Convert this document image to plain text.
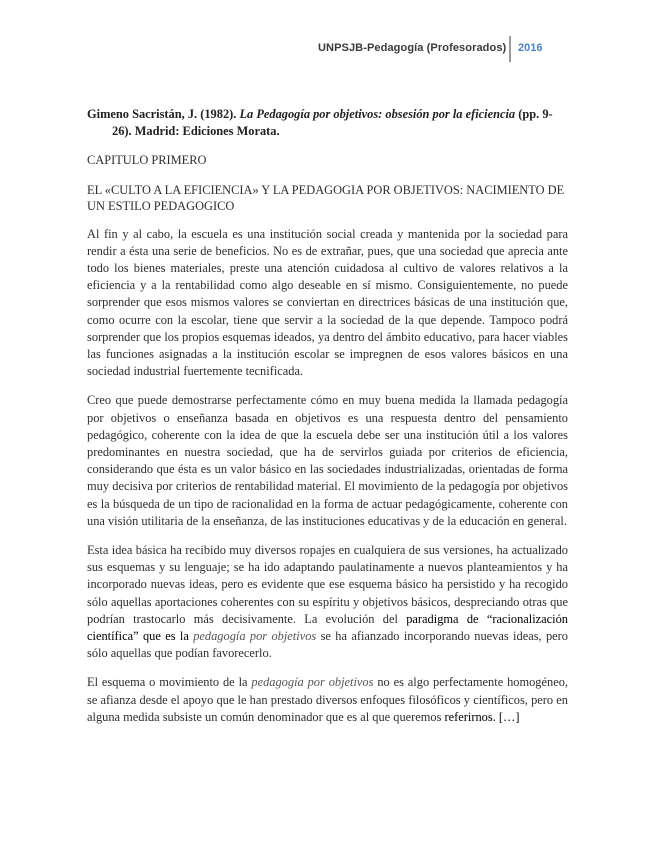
UNPSJB-Pedagogía (Profesorados) 2016

Gimeno Sacristán, J. (1982). La Pedagogía por objetivos: obsesión por la eficiencia (pp. 9-26). Madrid: Ediciones Morata.

CAPITULO PRIMERO

EL «CULTO A LA EFICIENCIA» Y LA PEDAGOGIA POR OBJETIVOS: NACIMIENTO DE UN ESTILO PEDAGOGICO

Al fin y al cabo, la escuela es una institución social creada y mantenida por la sociedad para rendir a ésta una serie de beneficios. No es de extrañar, pues, que una sociedad que aprecia ante todo los bienes materiales, preste una atención cuidadosa al cultivo de valores relativos a la eficiencia y a la rentabilidad como algo deseable en sí mismo. Consiguientemente, no puede sorprender que esos mismos valores se conviertan en directrices básicas de una institución que, como ocurre con la escolar, tiene que servir a la sociedad de la que depende. Tampoco podrá sorprender que los propios esquemas ideados, ya dentro del ámbito educativo, para hacer viables las funciones asignadas a la institución escolar se impregnen de esos valores básicos en una sociedad industrial fuertemente tecnificada.

Creo que puede demostrarse perfectamente cómo en muy buena medida la llamada pedagogía por objetivos o enseñanza basada en objetivos es una respuesta dentro del pensamiento pedagógico, coherente con la idea de que la escuela debe ser una institución útil a los valores predominantes en nuestra sociedad, que ha de servirlos guiada por criterios de eficiencia, considerando que ésta es un valor básico en las sociedades industrializadas, orientadas de forma muy decisiva por criterios de rentabilidad material. El movimiento de la pedagogía por objetivos es la búsqueda de un tipo de racionalidad en la forma de actuar pedagógicamente, coherente con una visión utilitaria de la enseñanza, de las instituciones educativas y de la educación en general.

Esta idea básica ha recibido muy diversos ropajes en cualquiera de sus versiones, ha actualizado sus esquemas y su lenguaje; se ha ido adaptando paulatinamente a nuevos planteamientos y ha incorporado nuevas ideas, pero es evidente que ese esquema básico ha persistido y ha recogido sólo aquellas aportaciones coherentes con su espíritu y objetivos básicos, despreciando otras que podrían trastocarlo más decisivamente. La evolución del paradigma de “racionalización científica” que es la pedagogía por objetivos se ha afianzado incorporando nuevas ideas, pero sólo aquellas que podían favorecerlo.

El esquema o movimiento de la pedagogía por objetivos no es algo perfectamente homogéneo, se afianza desde el apoyo que le han prestado diversos enfoques filosóficos y científicos, pero en alguna medida subsiste un común denominador que es al que queremos referirnos. […]
